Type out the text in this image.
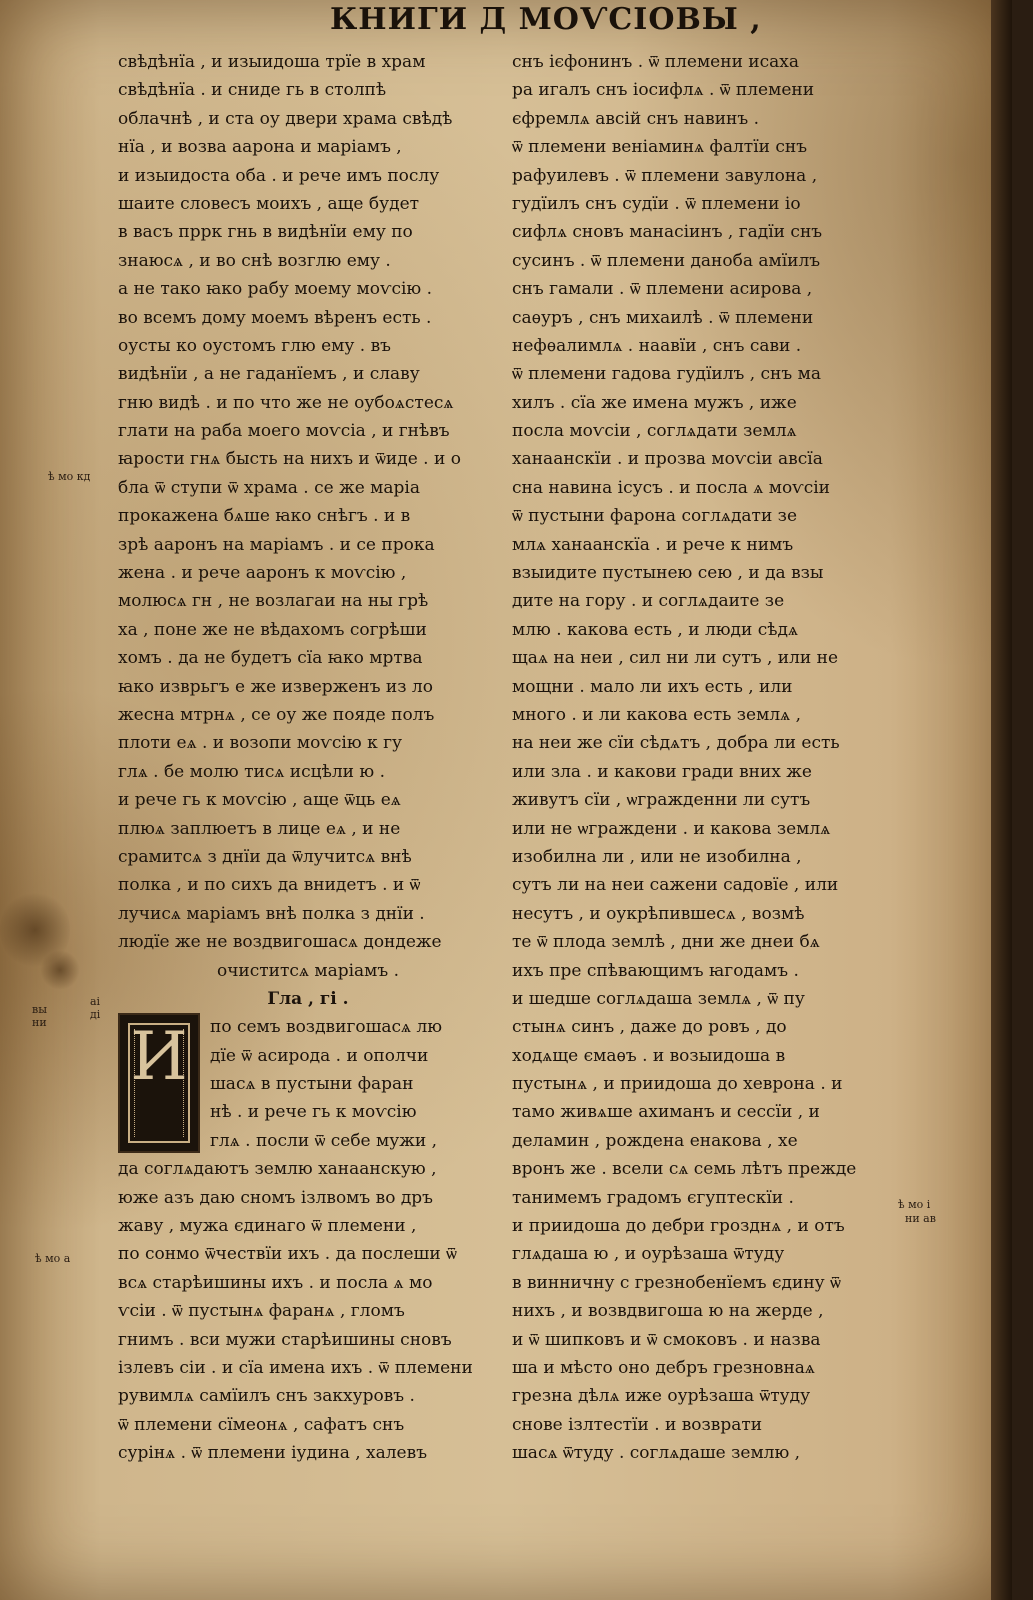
КНИГИ Д МОѴСІОВЫ ,
ѣ мо кд
вы ни
аі ді
ѣ мо а
ѣ мо і
ни ав
свѣдѣнїа , и изыидоша трїе в храм
свѣдѣнїа . и сниде гь в столпѣ
облачнѣ , и ста оу двери храма свѣдѣ
нїа , и возва аарона и маріамъ ,
и изыидоста оба . и рече имъ послу
шаите словесъ моихъ , аще будет
в васъ пррк гнь в видѣнїи ему по
знаюсѧ , и во снѣ возглю ему .
а не тако ꙗко рабу моему моѵсію .
во всемъ дому моемъ вѣренъ есть .
оусты ко оустомъ глю ему . въ
видѣнїи , а не гаданїемъ , и славу
гню видѣ . и по что же не оубоѧстесѧ
глати на раба моего моѵсіа , и гнѣвъ
ꙗрости гнѧ бысть на нихъ и ѿиде . и о
бла ѿ ступи ѿ храма . се же маріа
прокажена бѧше ꙗко снѣгъ . и в
зрѣ ааронъ на маріамъ . и се прока
жена . и рече ааронъ к моѵсію ,
молюсѧ гн , не возлагаи на ны грѣ
ха , поне же не вѣдахомъ согрѣши
хомъ . да не будетъ сїа ꙗко мртва
ꙗко изврьгъ е же изверженъ из ло
жесна мтрнѧ , се оу же пояде полъ
плоти еѧ . и возопи моѵсію к гу
глѧ . бе молю тисѧ исцѣли ю .
и рече гь к моѵсію , аще ѿць еѧ
плюѧ заплюетъ в лице еѧ , и не
срамитсѧ з днїи да ѿлучитсѧ внѣ
полка , и по сихъ да внидетъ . и ѿ
лучисѧ маріамъ внѣ полка з днїи .
людїе же не воздвигошасѧ дондеже
очиститсѧ маріамъ .
Гла , гі .
И	по семъ воздвигошасѧ лю
дїе ѿ асирода . и ополчи
шасѧ в пустыни фаран
нѣ . и рече гь к моѵсію
глѧ . посли ѿ себе мужи ,
да соглѧдаютъ землю ханаанскую ,
юже азъ даю сномъ ізлвомъ во дръ
жаву , мужа єдинаго ѿ племени ,
по сонмо ѿчествїи ихъ . да послеши ѿ
всѧ старѣишины ихъ . и посла ѧ мо
ѵсіи . ѿ пустынѧ фаранѧ , гломъ
гнимъ . вси мужи старѣишины сновъ
ізлевъ сіи . и сїа имена ихъ . ѿ племени
рувимлѧ самїилъ снъ закхуровъ .
ѿ племени сїмеонѧ , сафатъ снъ
сурінѧ . ѿ племени іудина , халевъ
снъ ієфонинъ . ѿ племени исаха
ра игалъ снъ іосифлѧ . ѿ племени
єфремлѧ авсій снъ навинъ .
ѿ племени веніаминѧ фалтїи снъ
рафуилевъ . ѿ племени завулона ,
гудїилъ снъ судїи . ѿ племени іо
сифлѧ сновъ манасіинъ , гадїи снъ
сусинъ . ѿ племени даноба амїилъ
снъ гамали . ѿ племени асирова ,
саѳуръ , снъ михаилѣ . ѿ племени
нефѳалимлѧ . наавїи , снъ сави .
ѿ племени гадова гудїилъ , снъ ма
хилъ . сїа же имена мужъ , иже
посла моѵсіи , соглѧдати землѧ
ханаанскїи . и прозва моѵсіи авсїа
сна навина ісусъ . и посла ѧ моѵсіи
ѿ пустыни фарона соглѧдати зе
млѧ ханаанскїа . и рече к нимъ
взыидите пустынею сею , и да взы
дите на гору . и соглѧдаите зе
млю . какова есть , и люди сѣдѧ
щаѧ на неи , сил ни ли сутъ , или не
мощни . мало ли ихъ есть , или
много . и ли какова есть землѧ ,
на неи же сїи сѣдѧтъ , добра ли есть
или зла . и какови гради вних же
живутъ сїи , ѡгражденни ли сутъ
или не ѡграждени . и какова землѧ
изобилна ли , или не изобилна ,
сутъ ли на неи сажени садовїе , или
несутъ , и оукрѣпившесѧ , возмѣ
те ѿ плода землѣ , дни же днеи бѧ
ихъ пре спѣвающимъ ꙗгодамъ .
и шедше соглѧдаша землѧ , ѿ пу
стынѧ синъ , даже до ровъ , до
ходѧще ємаѳъ . и возыидоша в
пустынѧ , и приидоша до хеврона . и
тамо живѧше ахиманъ и сессїи , и
деламин , рождена енакова , хе
вронъ же . всели сѧ семь лѣтъ прежде
танимемъ градомъ єгуптескїи .
и приидоша до дебри грозднѧ , и отъ
глѧдаша ю , и оурѣзаша ѿтуду
в винничну с грезнобенїемъ єдину ѿ
нихъ , и возвдвигоша ю на жерде ,
и ѿ шипковъ и ѿ смоковъ . и назва
ша и мѣсто оно дебръ грезновнаѧ
грезна дѣлѧ иже оурѣзаша ѿтуду
снове ізлтестїи . и возврати
шасѧ ѿтуду . соглѧдаше землю ,
